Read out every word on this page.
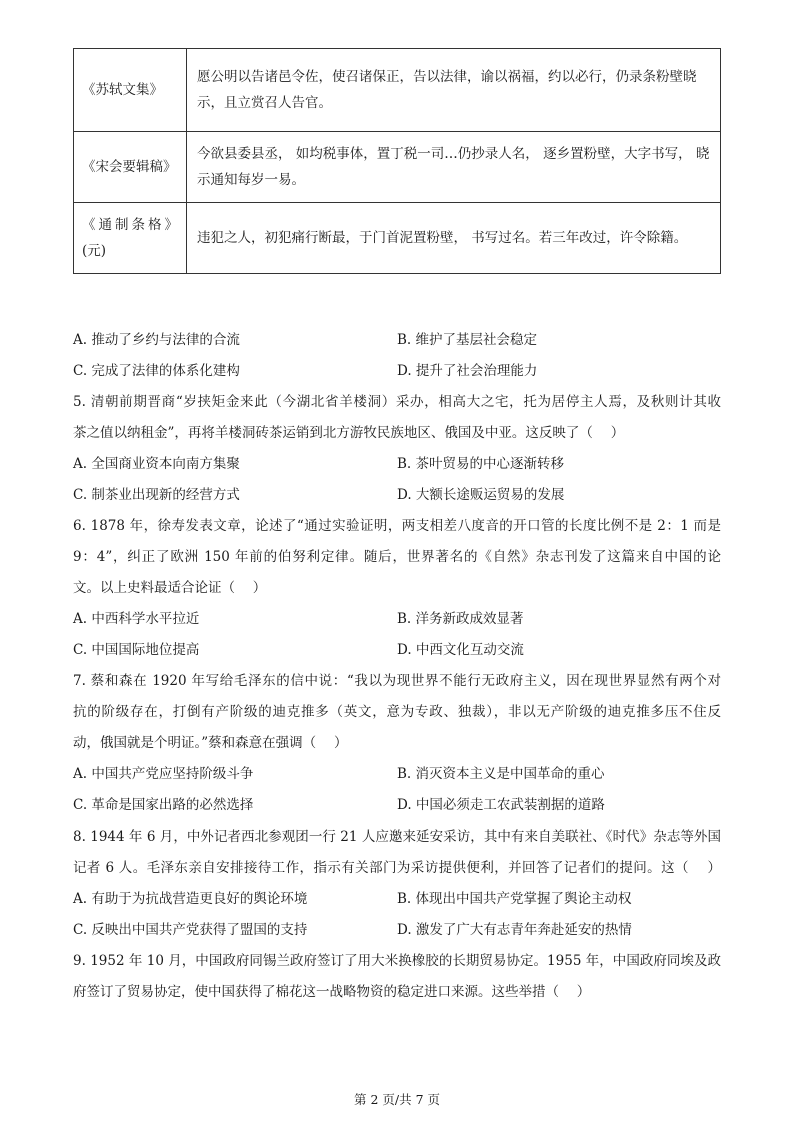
《苏轼文集》	愿公明以告诸邑令佐，使召诸保正，告以法律，谕以祸福，约以必行，仍录条粉壁晓示，且立赏召人告官。
《宋会要辑稿》	今欲县委县丞， 如均税事体，置丁税一司…仍抄录人名， 逐乡置粉壁，大字书写， 晓示通知每岁一易。

《通制条格》
(元)	违犯之人，初犯痛行断最，于门首泥置粉壁， 书写过名。若三年改过，许令除籍。
A. 推动了乡约与法律的合流	B. 维护了基层社会稳定
C. 完成了法律的体系化建构	D. 提升了社会治理能力
5. 清朝前期晋商“岁挟矩金来此（今湖北省羊楼洞）采办，相高大之宅，托为居停主人焉，及秋则计其收
茶之值以纳租金”，再将羊楼洞砖茶运销到北方游牧民族地区、俄国及中亚。这反映了（　 ）
A. 全国商业资本向南方集聚	B. 茶叶贸易的中心逐渐转移
C. 制茶业出现新的经营方式	D. 大额长途贩运贸易的发展
6. 1878 年，徐寿发表文章，论述了“通过实验证明，两支相差八度音的开口管的长度比例不是 2：1 而是
9：4”，纠正了欧洲 150 年前的伯努利定律。随后，世界著名的《自然》杂志刊发了这篇来自中国的论
文。以上史料最适合论证（　 ）
A. 中西科学水平拉近	B. 洋务新政成效显著
C. 中国国际地位提高	D. 中西文化互动交流
7. 蔡和森在 1920 年写给毛泽东的信中说：“我以为现世界不能行无政府主义，因在现世界显然有两个对
抗的阶级存在，打倒有产阶级的迪克推多（英文，意为专政、独裁），非以无产阶级的迪克推多压不住反
动，俄国就是个明证。”蔡和森意在强调（　 ）
A. 中国共产党应坚持阶级斗争	B. 消灭资本主义是中国革命的重心
C. 革命是国家出路的必然选择	D. 中国必须走工农武装割据的道路
8. 1944 年 6 月，中外记者西北参观团一行 21 人应邀来延安采访，其中有来自美联社、《时代》杂志等外国
记者 6 人。毛泽东亲自安排接待工作，指示有关部门为采访提供便利，并回答了记者们的提问。这（　 ）
A. 有助于为抗战营造更良好的舆论环境	B. 体现出中国共产党掌握了舆论主动权
C. 反映出中国共产党获得了盟国的支持	D. 激发了广大有志青年奔赴延安的热情
9. 1952 年 10 月，中国政府同锡兰政府签订了用大米换橡胶的长期贸易协定。1955 年，中国政府同埃及政
府签订了贸易协定，使中国获得了棉花这一战略物资的稳定进口来源。这些举措（　 ）
第 2 页/共 7 页
